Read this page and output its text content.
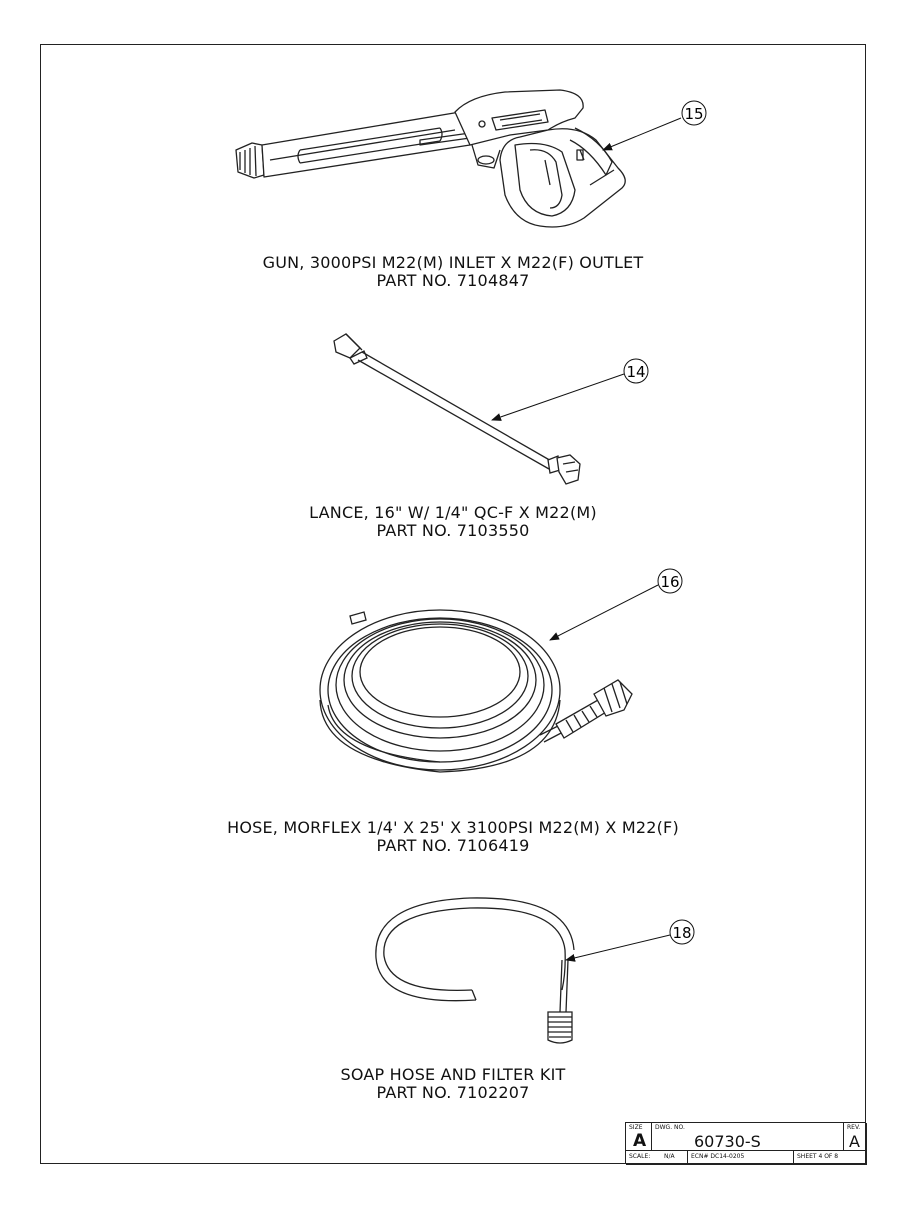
15
14
16
18
GUN, 3000PSI M22(M) INLET X M22(F) OUTLET
PART NO. 7104847
LANCE, 16" W/ 1/4" QC-F X M22(M)
PART NO. 7103550
HOSE, MORFLEX 1/4' X 25' X 3100PSI M22(M) X M22(F)
PART NO. 7106419
SOAP HOSE AND FILTER KIT
PART NO. 7102207
SIZE
A
DWG. NO.
60730-S
REV.
A
SCALE: N/A	ECN# DC14-0205	SHEET 4 OF 8
